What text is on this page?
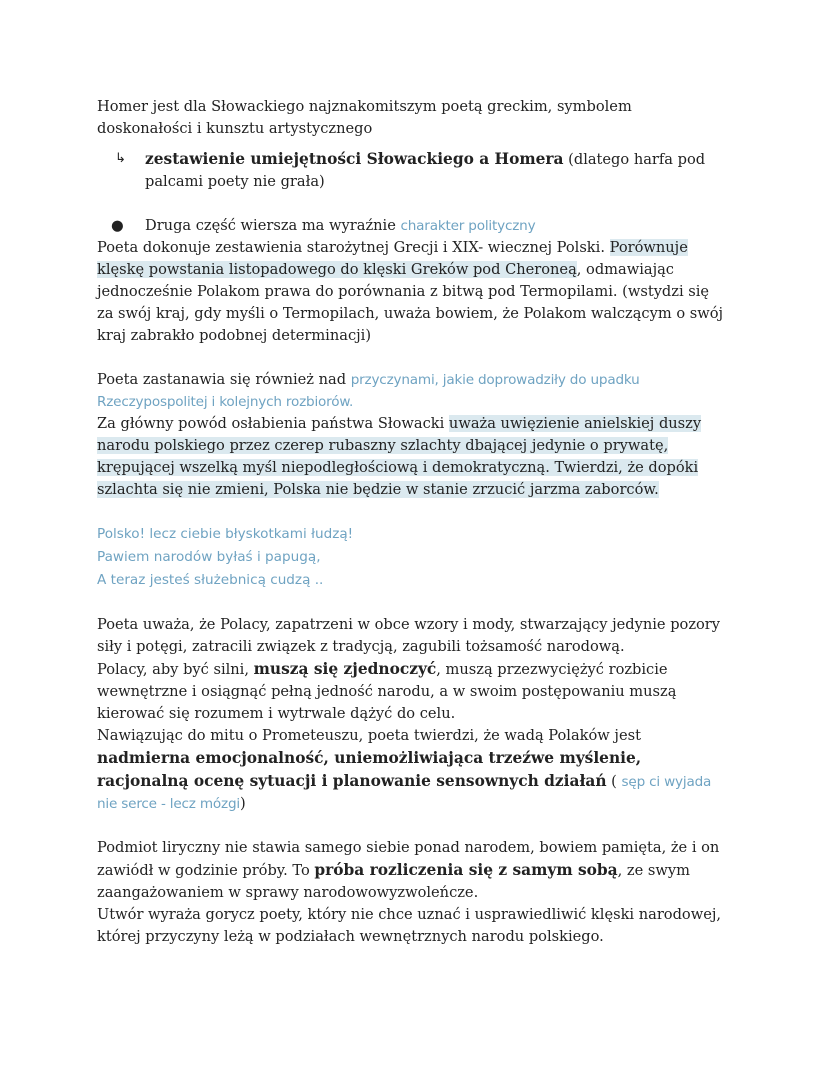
Homer jest dla Słowackiego najznakomitszym poetą greckim, symbolem doskonałości i kunsztu artystycznego

↳ zestawienie umiejętności Słowackiego a Homera (dlatego harfa pod palcami poety nie grała)
● Druga część wiersza ma wyraźnie charakter polityczny

Poeta dokonuje zestawienia starożytnej Grecji i XIX- wiecznej Polski. Porównuje klęskę powstania listopadowego do klęski Greków pod Cheroneą, odmawiając jednocześnie Polakom prawa do porównania z bitwą pod Termopilami. (wstydzi się za swój kraj, gdy myśli o Termopilach, uważa bowiem, że Polakom walczącym o swój kraj zabrakło podobnej determinacji)

Poeta zastanawia się również nad przyczynami, jakie doprowadziły do upadku Rzeczypospolitej i kolejnych rozbiorów.

Za główny powód osłabienia państwa Słowacki uważa uwięzienie anielskiej duszy narodu polskiego przez czerep rubaszny szlachty dbającej jedynie o prywatę, krępującej wszelką myśl niepodległościową i demokratyczną. Twierdzi, że dopóki szlachta się nie zmieni, Polska nie będzie w stanie zrzucić jarzma zaborców.

Polsko! lecz ciebie błyskotkami łudzą!
Pawiem narodów byłaś i papugą,
A teraz jesteś służebnicą cudzą ..

Poeta uważa, że Polacy, zapatrzeni w obce wzory i mody, stwarzający jedynie pozory siły i potęgi, zatracili związek z tradycją, zagubili tożsamość narodową.

Polacy, aby być silni, muszą się zjednoczyć, muszą przezwyciężyć rozbicie wewnętrzne i osiągnąć pełną jedność narodu, a w swoim postępowaniu muszą kierować się rozumem i wytrwale dążyć do celu.

Nawiązując do mitu o Prometeuszu, poeta twierdzi, że wadą Polaków jest nadmierna emocjonalność, uniemożliwiająca trzeźwe myślenie, racjonalną ocenę sytuacji i planowanie sensownych działań ( sęp ci wyjada nie serce - lecz mózgi)

Podmiot liryczny nie stawia samego siebie ponad narodem, bowiem pamięta, że i on zawiódł w godzinie próby. To próba rozliczenia się z samym sobą, ze swym zaangażowaniem w sprawy narodowowyzwoleńcze.

Utwór wyraża gorycz poety, który nie chce uznać i usprawiedliwić klęski narodowej, której przyczyny leżą w podziałach wewnętrznych narodu polskiego.
